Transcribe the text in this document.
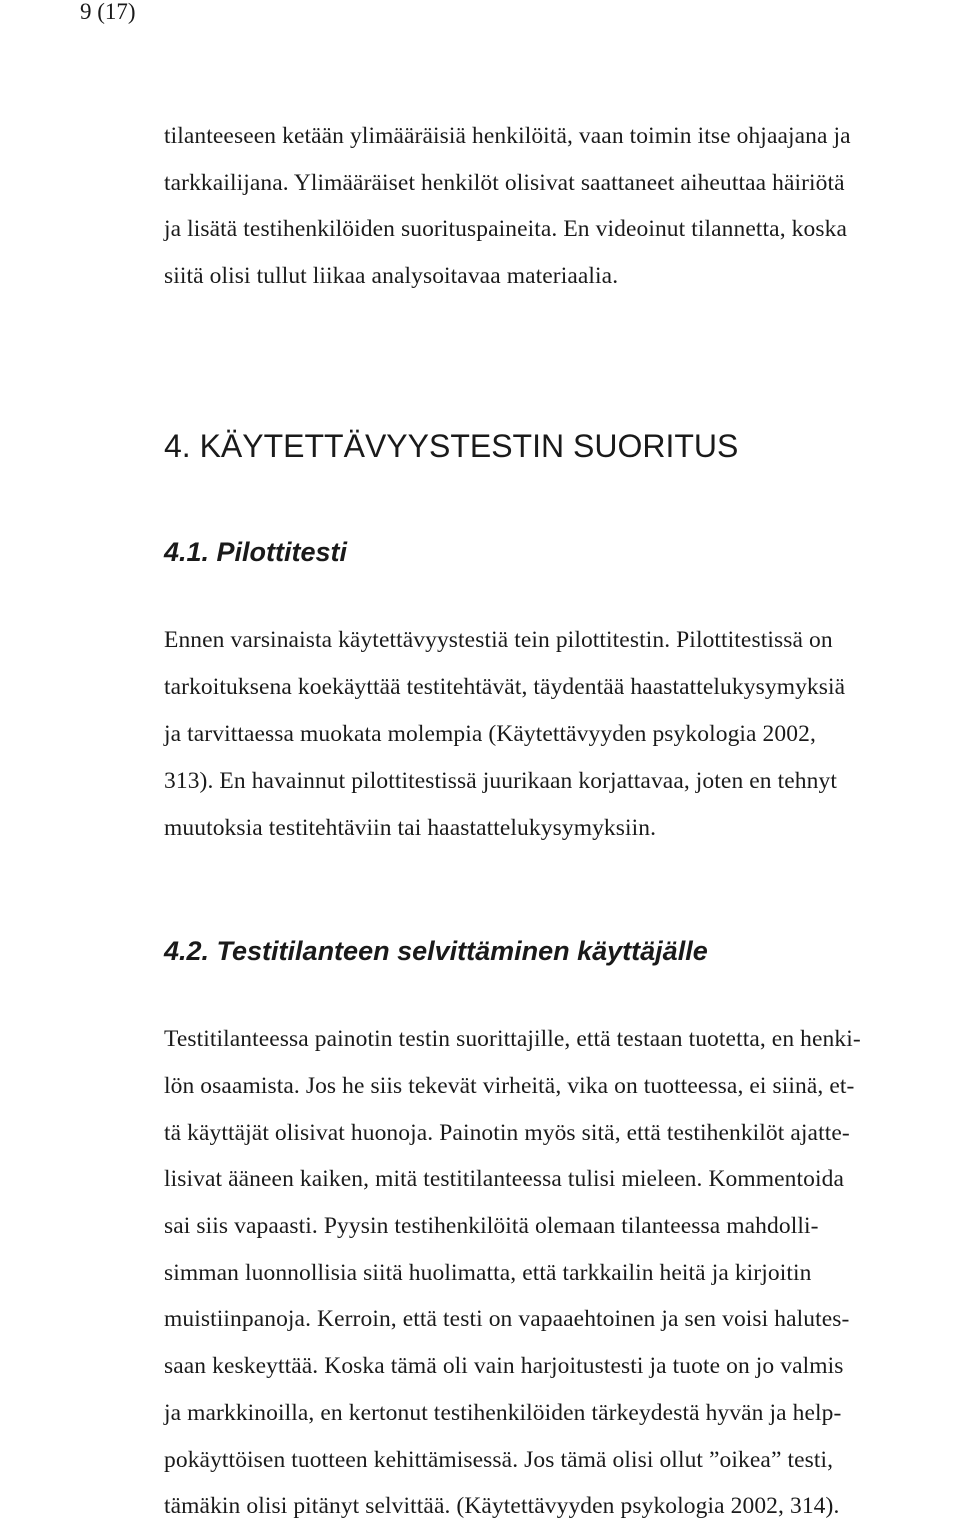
9 (17)
tilanteeseen ketään ylimääräisiä henkilöitä, vaan toimin itse ohjaajana ja
tarkkailijana. Ylimääräiset henkilöt olisivat saattaneet aiheuttaa häiriötä
ja lisätä testihenkilöiden suorituspaineita. En videoinut tilannetta, koska
siitä olisi tullut liikaa analysoitavaa materiaalia.
4. KÄYTETTÄVYYSTESTIN SUORITUS
4.1. Pilottitesti
Ennen varsinaista käytettävyystestiä tein pilottitestin. Pilottitestissä on
tarkoituksena koekäyttää testitehtävät, täydentää haastattelukysymyksiä
ja tarvittaessa muokata molempia (Käytettävyyden psykologia 2002,
313). En havainnut pilottitestissä juurikaan korjattavaa, joten en tehnyt
muutoksia testitehtäviin tai haastattelukysymyksiin.
4.2. Testitilanteen selvittäminen käyttäjälle
Testitilanteessa painotin testin suorittajille, että testaan tuotetta, en henki-
lön osaamista. Jos he siis tekevät virheitä, vika on tuotteessa, ei siinä, et-
tä käyttäjät olisivat huonoja. Painotin myös sitä, että testihenkilöt ajatte-
lisivat ääneen kaiken, mitä testitilanteessa tulisi mieleen. Kommentoida
sai siis vapaasti. Pyysin testihenkilöitä olemaan tilanteessa mahdolli-
simman luonnollisia siitä huolimatta, että tarkkailin heitä ja kirjoitin
muistiinpanoja. Kerroin, että testi on vapaaehtoinen ja sen voisi halutes-
saan keskeyttää. Koska tämä oli vain harjoitustesti ja tuote on jo valmis
ja markkinoilla, en kertonut testihenkilöiden tärkeydestä hyvän ja help-
pokäyttöisen tuotteen kehittämisessä. Jos tämä olisi ollut ”oikea” testi,
tämäkin olisi pitänyt selvittää. (Käytettävyyden psykologia 2002, 314).
